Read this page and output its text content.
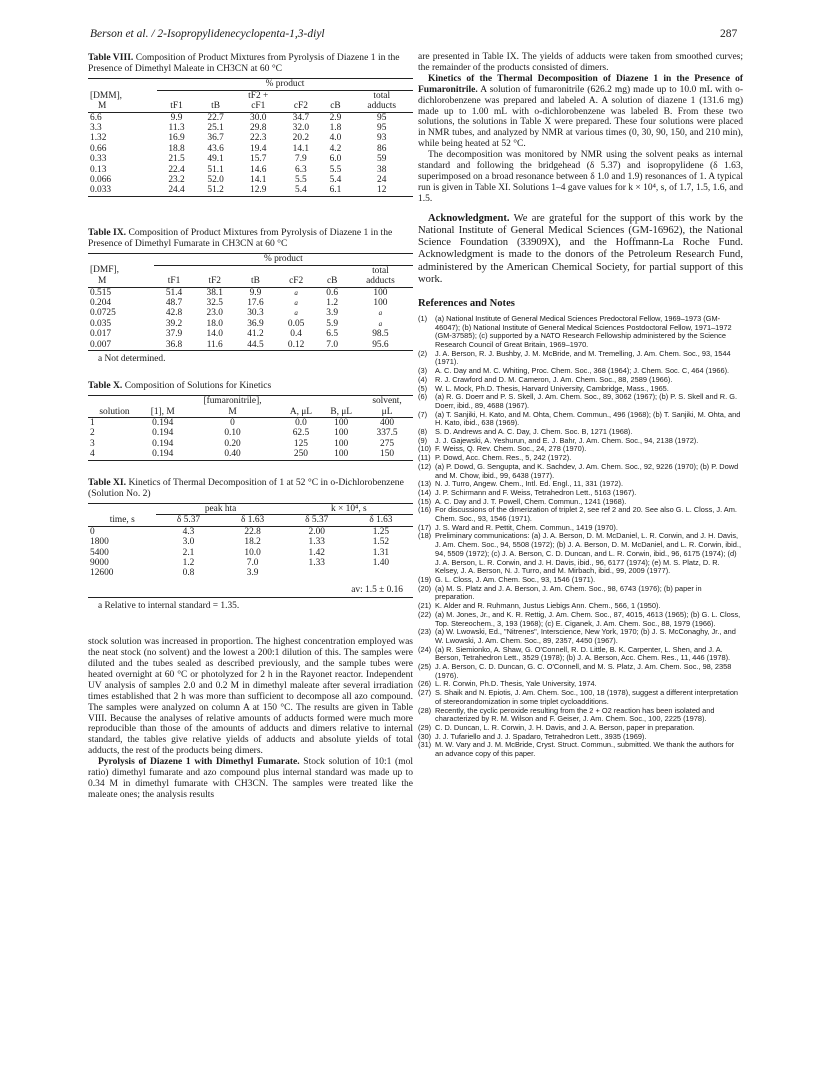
Berson et al. / 2-Isopropylidenecyclopenta-1,3-diyl	287

Table VIII. Composition of Product Mixtures from Pyrolysis of Diazene 1 in the Presence of Dimethyl Maleate in CH3CN at 60 °C

	% product					
[DMM],			tF2 +			total
M	tF1	tB	cF1	cF2	cB	adducts
6.6	9.9	22.7	30.0	34.7	2.9	95
3.3	11.3	25.1	29.8	32.0	1.8	95
1.32	16.9	36.7	22.3	20.2	4.0	93
0.66	18.8	43.6	19.4	14.1	4.2	86
0.33	21.5	49.1	15.7	7.9	6.0	59
0.13	22.4	51.1	14.6	6.3	5.5	38
0.066	23.2	52.0	14.1	5.5	5.4	24
0.033	24.4	51.2	12.9	5.4	6.1	12

Table IX. Composition of Product Mixtures from Pyrolysis of Diazene 1 in the Presence of Dimethyl Fumarate in CH3CN at 60 °C

	% product					
[DMF],						total
M	tF1	tF2	tB	cF2	cB	adducts
0.515	51.4	38.1	9.9	a	0.6	100
0.204	48.7	32.5	17.6	a	1.2	100
0.0725	42.8	23.0	30.3	a	3.9	a
0.035	39.2	18.0	36.9	0.05	5.9	a
0.017	37.9	14.0	41.2	0.4	6.5	98.5
0.007	36.8	11.6	44.5	0.12	7.0	95.6
a Not determined.

Table X. Composition of Solutions for Kinetics

		[fumaronitrile],			solvent,
solution	[1], M	M	A, μL	B, μL	μL
1	0.194	0	0.0	100	400
2	0.194	0.10	62.5	100	337.5
3	0.194	0.20	125	100	275
4	0.194	0.40	250	100	150

Table XI. Kinetics of Thermal Decomposition of 1 at 52 °C in o-Dichlorobenzene (Solution No. 2)

	peak hta		k × 10⁴, s	
time, s	δ 5.37	δ 1.63	δ 5.37	δ 1.63
0	4.3	22.8	2.00	1.25
1800	3.0	18.2	1.33	1.52
5400	2.1	10.0	1.42	1.31
9000	1.2	7.0	1.33	1.40
12600	0.8	3.9		
av: 1.5 ± 0.16				
a Relative to internal standard = 1.35.

stock solution was increased in proportion. The highest concentration employed was the neat stock (no solvent) and the lowest a 200:1 dilution of this. The samples were diluted and the tubes sealed as described previously, and the sample tubes were heated overnight at 60 °C or photolyzed for 2 h in the Rayonet reactor. Independent UV analysis of samples 2.0 and 0.2 M in dimethyl maleate after several irradiation times established that 2 h was more than sufficient to decompose all azo compound. The samples were analyzed on column A at 150 °C. The results are given in Table VIII. Because the analyses of relative amounts of adducts formed were much more reproducible than those of the amounts of adducts and dimers relative to internal standard, the tables give relative yields of adducts and absolute yields of total adducts, the rest of the products being dimers.

Pyrolysis of Diazene 1 with Dimethyl Fumarate. Stock solution of 10:1 (mol ratio) dimethyl fumarate and azo compound plus internal standard was made up to 0.34 M in dimethyl fumarate with CH3CN. The samples were treated like the maleate ones; the analysis results

are presented in Table IX. The yields of adducts were taken from smoothed curves; the remainder of the products consisted of dimers.

Kinetics of the Thermal Decomposition of Diazene 1 in the Presence of Fumaronitrile. A solution of fumaronitrile (626.2 mg) made up to 10.0 mL with o-dichlorobenzene was prepared and labeled A. A solution of diazene 1 (131.6 mg) made up to 1.00 mL with o-dichlorobenzene was labeled B. From these two solutions, the solutions in Table X were prepared. These four solutions were placed in NMR tubes, and analyzed by NMR at various times (0, 30, 90, 150, and 210 min), while being heated at 52 °C.

The decomposition was monitored by NMR using the solvent peaks as internal standard and following the bridgehead (δ 5.37) and isopropylidene (δ 1.63, superimposed on a broad resonance between δ 1.0 and 1.9) resonances of 1. A typical run is given in Table XI. Solutions 1–4 gave values for k × 10⁴, s, of 1.7, 1.5, 1.6, and 1.5.

Acknowledgment. We are grateful for the support of this work by the National Institute of General Medical Sciences (GM-16962), the National Science Foundation (33909X), and the Hoffmann-La Roche Fund. Acknowledgment is made to the donors of the Petroleum Research Fund, administered by the American Chemical Society, for partial support of this work.

References and Notes
(1)	(a) National Institute of General Medical Sciences Predoctoral Fellow, 1969–1973 (GM-46047); (b) National Institute of General Medical Sciences Postdoctoral Fellow, 1971–1972 (GM-37585); (c) supported by a NATO Research Fellowship administered by the Science Research Council of Great Britain, 1969–1970.
(2)	J. A. Berson, R. J. Bushby, J. M. McBride, and M. Tremelling, J. Am. Chem. Soc., 93, 1544 (1971).
(3)	A. C. Day and M. C. Whiting, Proc. Chem. Soc., 368 (1964); J. Chem. Soc. C, 464 (1966).
(4)	R. J. Crawford and D. M. Cameron, J. Am. Chem. Soc., 88, 2589 (1966).
(5)	W. L. Mock, Ph.D. Thesis, Harvard University, Cambridge, Mass., 1965.
(6)	(a) R. G. Doerr and P. S. Skell, J. Am. Chem. Soc., 89, 3062 (1967); (b) P. S. Skell and R. G. Doerr, ibid., 89, 4688 (1967).
(7)	(a) T. Sanjiki, H. Kato, and M. Ohta, Chem. Commun., 496 (1968); (b) T. Sanjiki, M. Ohta, and H. Kato, ibid., 638 (1969).
(8)	S. D. Andrews and A. C. Day, J. Chem. Soc. B, 1271 (1968).
(9)	J. J. Gajewski, A. Yeshurun, and E. J. Bahr, J. Am. Chem. Soc., 94, 2138 (1972).
(10) F. Weiss, Q. Rev. Chem. Soc., 24, 278 (1970).
(11) P. Dowd, Acc. Chem. Res., 5, 242 (1972).
(12) (a) P. Dowd, G. Sengupta, and K. Sachdev, J. Am. Chem. Soc., 92, 9226 (1970); (b) P. Dowd and M. Chow, ibid., 99, 6438 (1977).
(13) N. J. Turro, Angew. Chem., Intl. Ed. Engl., 11, 331 (1972).
(14) J. P. Schirmann and F. Weiss, Tetrahedron Lett., 5163 (1967).
(15) A. C. Day and J. T. Powell, Chem. Commun., 1241 (1968).
(16) For discussions of the dimerization of triplet 2, see ref 2 and 20. See also G. L. Closs, J. Am. Chem. Soc., 93, 1546 (1971).
(17) J. S. Ward and R. Pettit, Chem. Commun., 1419 (1970).
(18) Preliminary communications: (a) J. A. Berson, D. M. McDaniel, L. R. Corwin, and J. H. Davis, J. Am. Chem. Soc., 94, 5508 (1972); (b) J. A. Berson, D. M. McDaniel, and L. R. Corwin, ibid., 94, 5509 (1972); (c) J. A. Berson, C. D. Duncan, and L. R. Corwin, ibid., 96, 6175 (1974); (d) J. A. Berson, L. R. Corwin, and J. H. Davis, ibid., 96, 6177 (1974); (e) M. S. Platz, D. R. Kelsey, J. A. Berson, N. J. Turro, and M. Mirbach, ibid., 99, 2009 (1977).
(19) G. L. Closs, J. Am. Chem. Soc., 93, 1546 (1971).
(20) (a) M. S. Platz and J. A. Berson, J. Am. Chem. Soc., 98, 6743 (1976); (b) paper in preparation.
(21) K. Alder and R. Ruhmann, Justus Liebigs Ann. Chem., 566, 1 (1950).
(22) (a) M. Jones, Jr., and K. R. Rettig, J. Am. Chem. Soc., 87, 4015, 4613 (1965); (b) G. L. Closs, Top. Stereochem., 3, 193 (1968); (c) E. Ciganek, J. Am. Chem. Soc., 88, 1979 (1966).
(23) (a) W. Lwowski, Ed., "Nitrenes", Interscience, New York, 1970; (b) J. S. McConaghy, Jr., and W. Lwowski, J. Am. Chem. Soc., 89, 2357, 4450 (1967).
(24) (a) R. Siemionko, A. Shaw, G. O'Connell, R. D. Little, B. K. Carpenter, L. Shen, and J. A. Berson, Tetrahedron Lett., 3529 (1978); (b) J. A. Berson, Acc. Chem. Res., 11, 446 (1978).
(25) J. A. Berson, C. D. Duncan, G. C. O'Connell, and M. S. Platz, J. Am. Chem. Soc., 98, 2358 (1976).
(26) L. R. Corwin, Ph.D. Thesis, Yale University, 1974.
(27) S. Shaik and N. Epiotis, J. Am. Chem. Soc., 100, 18 (1978), suggest a different interpretation of stereorandomization in some triplet cycloadditions.
(28) Recently, the cyclic peroxide resulting from the 2 + O2 reaction has been isolated and characterized by R. M. Wilson and F. Geiser, J. Am. Chem. Soc., 100, 2225 (1978).
(29) C. D. Duncan, L. R. Corwin, J. H. Davis, and J. A. Berson, paper in preparation.
(30) J. J. Tufariello and J. J. Spadaro, Tetrahedron Lett., 3935 (1969).
(31) M. W. Vary and J. M. McBride, Cryst. Struct. Commun., submitted. We thank the authors for an advance copy of this paper.
